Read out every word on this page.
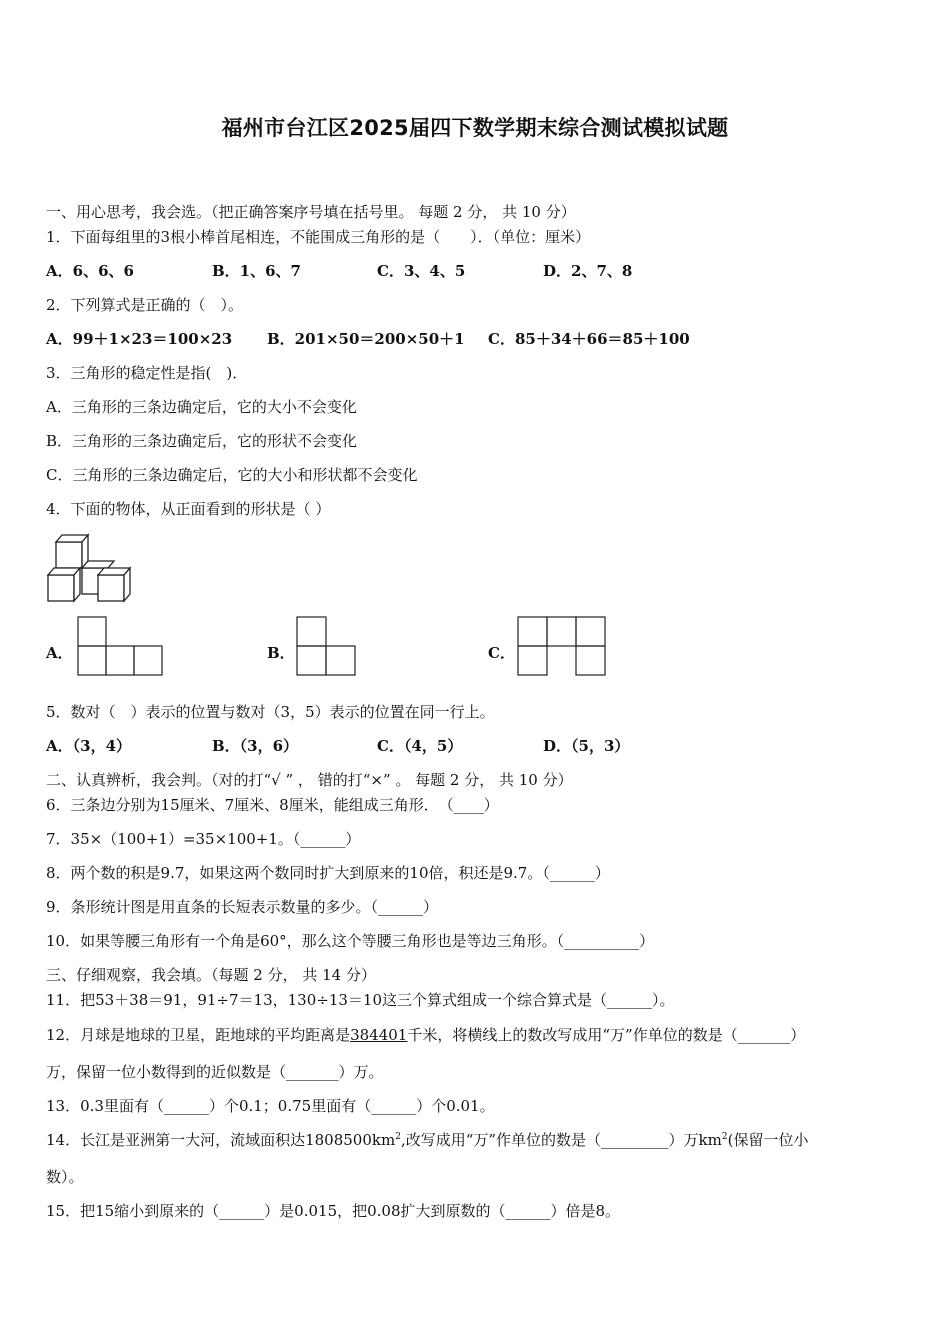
福州市台江区2025届四下数学期末综合测试模拟试题
一、用心思考，我会选。（把正确答案序号填在括号里。 每题 2 分， 共 10 分）
1．下面每组里的3根小棒首尾相连，不能围成三角形的是（　　）．（单位：厘米）
A．6、6、6	B．1、6、7	C．3、4、5	D．2、7、8
2．下列算式是正确的（　）。
A．99＋1×23＝100×23 B．201×50＝200×50＋1 C．85＋34＋66＝85＋100
3．三角形的稳定性是指(　)．
A．三角形的三条边确定后，它的大小不会变化
B．三角形的三条边确定后，它的形状不会变化
C．三角形的三条边确定后，它的大小和形状都不会变化
4．下面的物体，从正面看到的形状是（ ）
A．	B．	C．
5．数对（　）表示的位置与数对（3，5）表示的位置在同一行上。
A．（3，4）	B．（3，6）	C．（4，5）	D．（5，3）
二、认真辨析，我会判。（对的打“√ ” ， 错的打“×” 。 每题 2 分， 共 10 分）
6．三条边分别为15厘米、7厘米、8厘米，能组成三角形．　（____）
7．35×（100+1）=35×100+1。（______）
8．两个数的积是9.7，如果这两个数同时扩大到原来的10倍，积还是9.7。（______）
9．条形统计图是用直条的长短表示数量的多少。（______）
10．如果等腰三角形有一个角是60°，那么这个等腰三角形也是等边三角形。（__________）
三、仔细观察，我会填。（每题 2 分， 共 14 分）
11．把53＋38＝91，91÷7＝13，130÷13＝10这三个算式组成一个综合算式是（______）。
12．月球是地球的卫星，距地球的平均距离是384401千米，将横线上的数改写成用“万”作单位的数是（_______）
万，保留一位小数得到的近似数是（_______）万。
13．0.3里面有（______）个0.1；0.75里面有（______）个0.01。
14．长江是亚洲第一大河，流域面积达$1808500km^2$,改写成用“万”作单位的数是（_________）万$km^2$(保留一位小
数）。
15．把15缩小到原来的（______）是0.015，把0.08扩大到原数的（______）倍是8。
